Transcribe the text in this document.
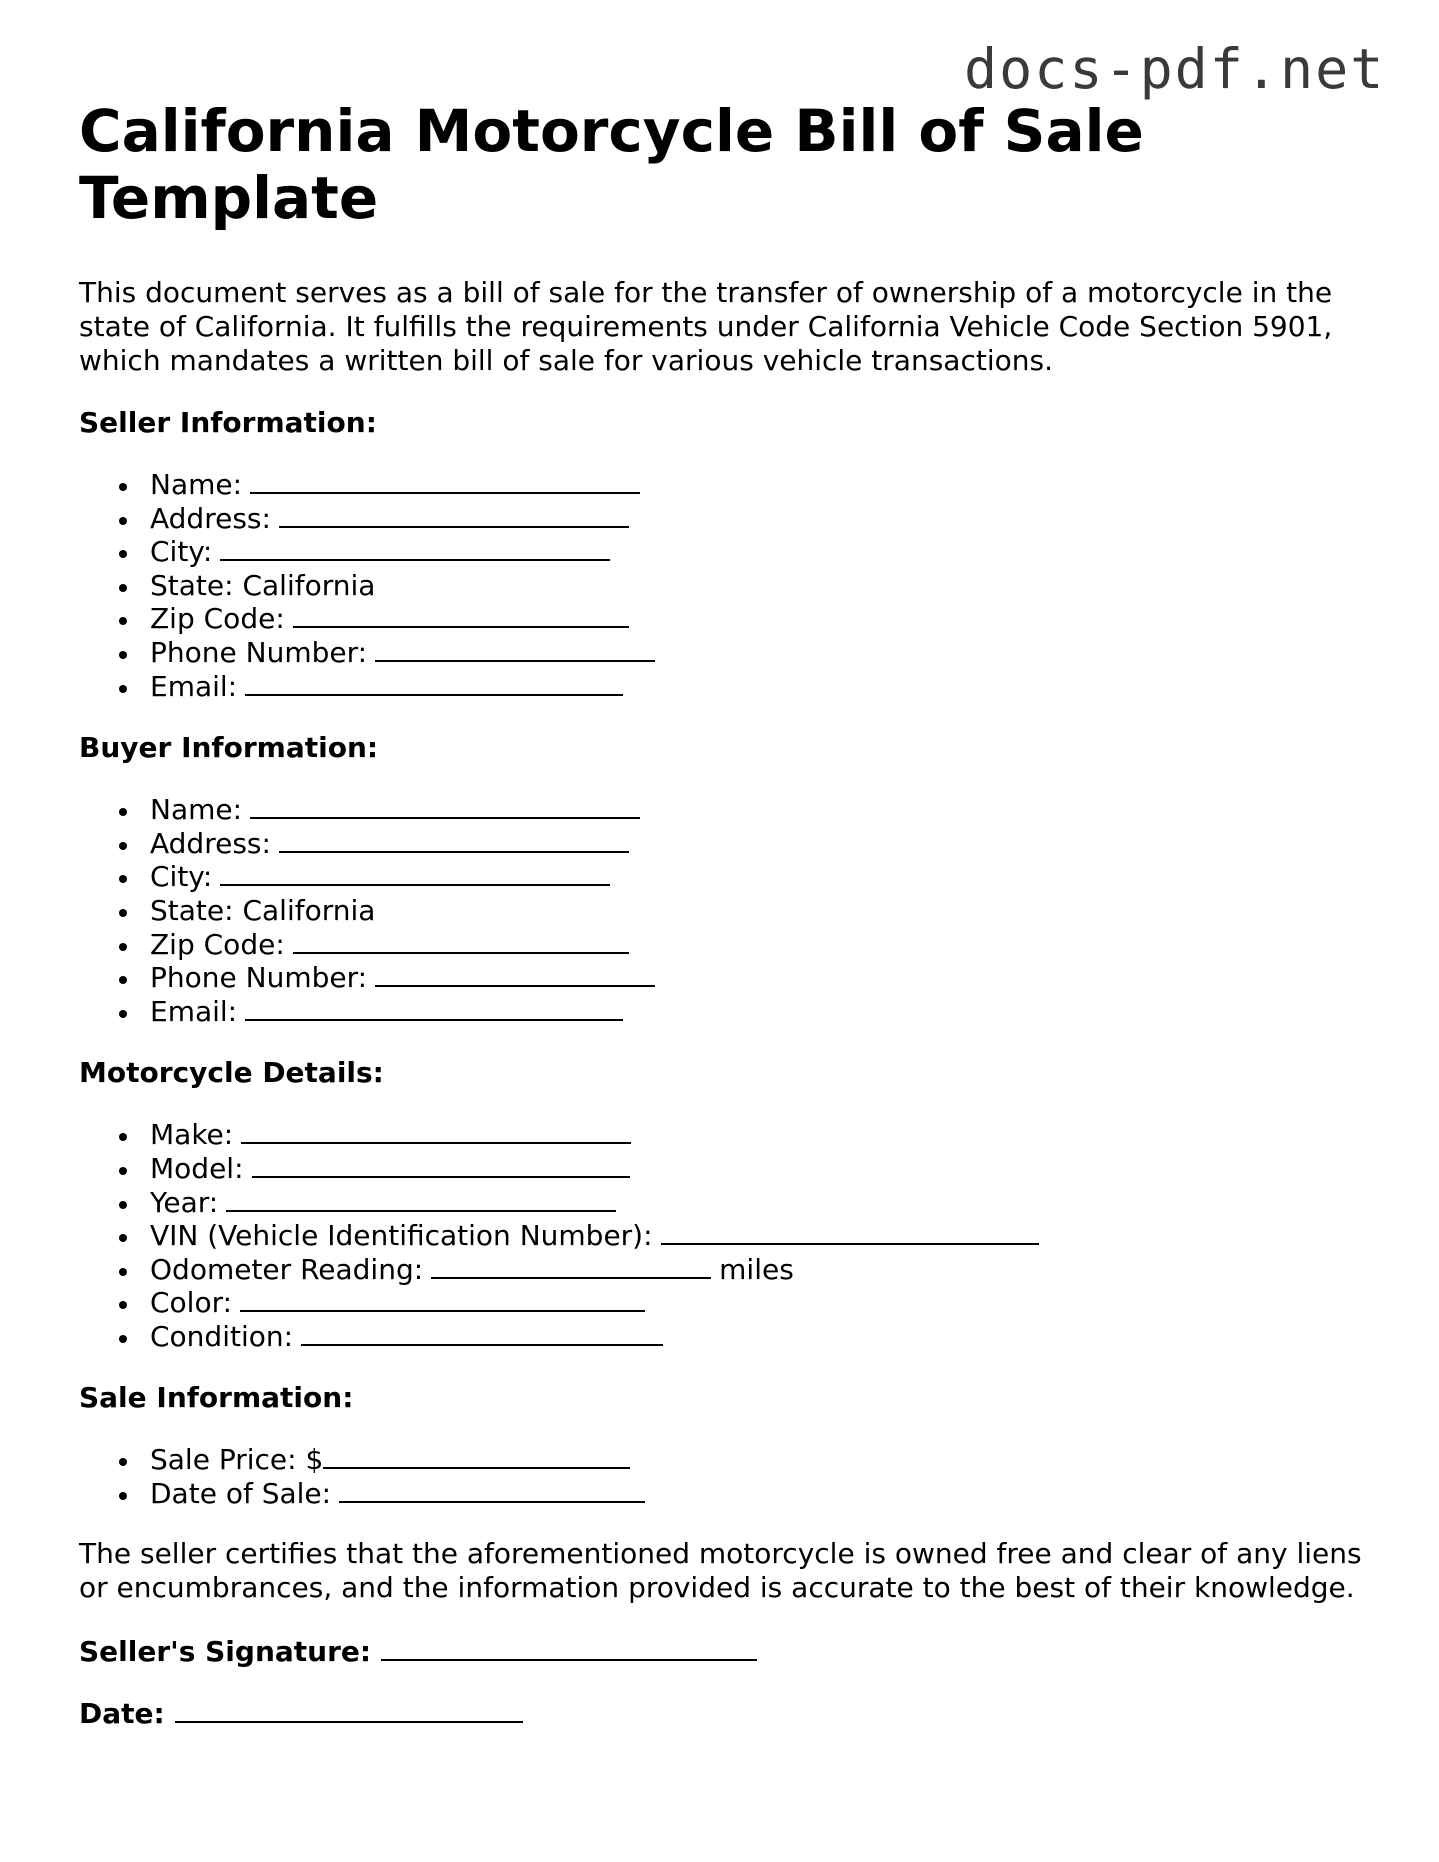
docs-pdf.net
California Motorcycle Bill of Sale Template

This document serves as a bill of sale for the transfer of ownership of a motorcycle in the state of California. It fulfills the requirements under California Vehicle Code Section 5901, which mandates a written bill of sale for various vehicle transactions.

Seller Information:
Name:
Address:
City:
State: California
Zip Code:
Phone Number:
Email:
Buyer Information:
Name:
Address:
City:
State: California
Zip Code:
Phone Number:
Email:
Motorcycle Details:
Make:
Model:
Year:
VIN (Vehicle Identification Number):
Odometer Reading:	miles
Color:
Condition:
Sale Information:
Sale Price: $
Date of Sale:

The seller certifies that the aforementioned motorcycle is owned free and clear of any liens or encumbrances, and the information provided is accurate to the best of their knowledge.

Seller's Signature:

Date:
